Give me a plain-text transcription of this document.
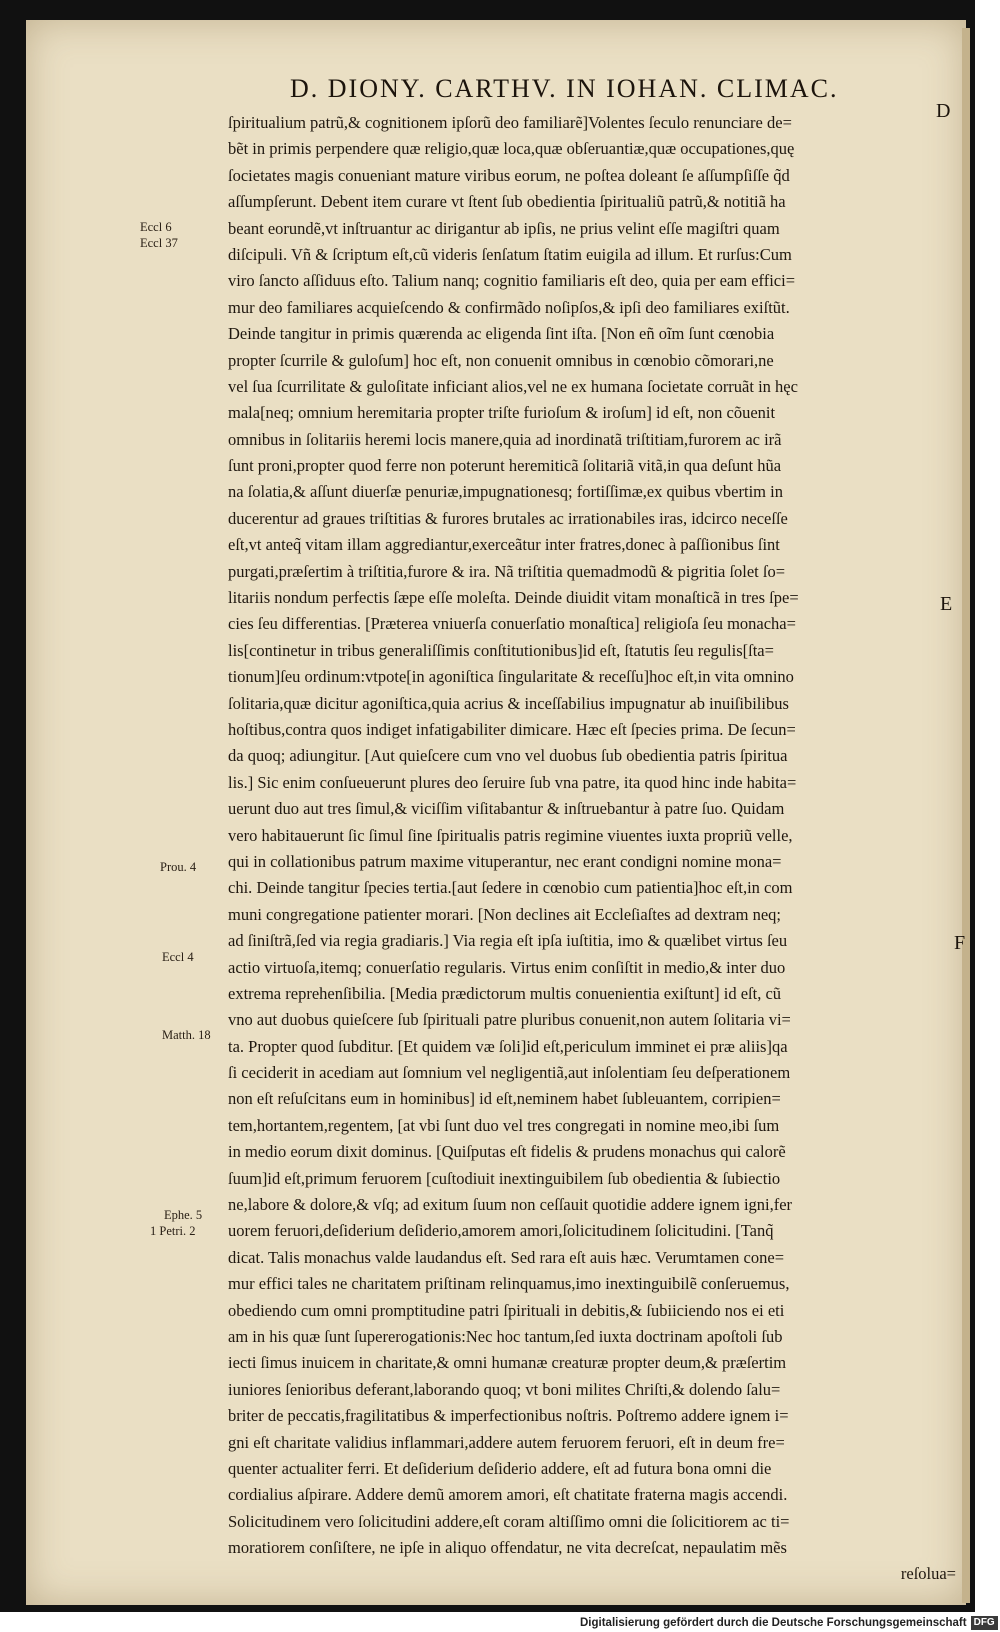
D. DIONY. CARTHV. IN IOHAN. CLIMAC.
ſpiritualium patrũ,& cognitionem ipſorũ deo familiarẽ]Volentes ſeculo renunciare de=
bẽt in primis perpendere quæ religio,quæ loca,quæ obſeruantiæ,quæ occupationes,quę
ſocietates magis conueniant mature viribus eorum, ne poſtea doleant ſe aſſumpſiſſe q̃d
aſſumpſerunt. Debent item curare vt ſtent ſub obedientia ſpiritualiũ patrũ,& notitiã ha
beant eorundẽ,vt inſtruantur ac dirigantur ab ipſis, ne prius velint eſſe magiſtri quam
diſcipuli. Vñ & ſcriptum eſt,cũ videris ſenſatum ſtatim euigila ad illum. Et rurſus:Cum
viro ſancto aſſiduus eſto. Talium nanq; cognitio familiaris eſt deo, quia per eam effici=
mur deo familiares acquieſcendo & confirmãdo noſipſos,& ipſi deo familiares exiſtũt.
Deinde tangitur in primis quærenda ac eligenda ſint iſta. [Non eñ oĩm ſunt cœnobia
propter ſcurrile & guloſum] hoc eſt, non conuenit omnibus in cœnobio cõmorari,ne
vel ſua ſcurrilitate & guloſitate inficiant alios,vel ne ex humana ſocietate corruãt in hęc
mala[neq; omnium heremitaria propter triſte furioſum & iroſum] id eſt, non cõuenit
omnibus in ſolitariis heremi locis manere,quia ad inordinatã triſtitiam,furorem ac irã
ſunt proni,propter quod ferre non poterunt heremiticã ſolitariã vitã,in qua deſunt hũa
na ſolatia,& aſſunt diuerſæ penuriæ,impugnationesq; fortiſſimæ,ex quibus vbertim in
ducerentur ad graues triſtitias & furores brutales ac irrationabiles iras, idcirco neceſſe
eſt,vt anteq̃ vitam illam aggrediantur,exerceãtur inter fratres,donec à paſſionibus ſint
purgati,præſertim à triſtitia,furore & ira. Nã triſtitia quemadmodũ & pigritia ſolet ſo=
litariis nondum perfectis ſæpe eſſe moleſta. Deinde diuidit vitam monaſticã in tres ſpe=
cies ſeu differentias. [Præterea vniuerſa conuerſatio monaſtica] religioſa ſeu monacha=
lis[continetur in tribus generaliſſimis conſtitutionibus]id eſt, ſtatutis ſeu regulis[ſta=
tionum]ſeu ordinum:vtpote[in agoniſtica ſingularitate & receſſu]hoc eſt,in vita omnino
ſolitaria,quæ dicitur agoniſtica,quia acrius & inceſſabilius impugnatur ab inuiſibilibus
hoſtibus,contra quos indiget infatigabiliter dimicare. Hæc eſt ſpecies prima. De ſecun=
da quoq; adiungitur. [Aut quieſcere cum vno vel duobus ſub obedientia patris ſpiritua
lis.] Sic enim conſueuerunt plures deo ſeruire ſub vna patre, ita quod hinc inde habita=
uerunt duo aut tres ſimul,& viciſſim viſitabantur & inſtruebantur à patre ſuo. Quidam
vero habitauerunt ſic ſimul ſine ſpiritualis patris regimine viuentes iuxta propriũ velle,
qui in collationibus patrum maxime vituperantur, nec erant condigni nomine mona=
chi. Deinde tangitur ſpecies tertia.[aut ſedere in cœnobio cum patientia]hoc eſt,in com
muni congregatione patienter morari. [Non declines ait Eccleſiaſtes ad dextram neq;
ad ſiniſtrã,ſed via regia gradiaris.] Via regia eſt ipſa iuſtitia, imo & quælibet virtus ſeu
actio virtuoſa,itemq; conuerſatio regularis. Virtus enim conſiſtit in medio,& inter duo
extrema reprehenſibilia. [Media prædictorum multis conuenientia exiſtunt] id eſt, cũ
vno aut duobus quieſcere ſub ſpirituali patre pluribus conuenit,non autem ſolitaria vi=
ta. Propter quod ſubditur. [Et quidem væ ſoli]id eſt,periculum imminet ei præ aliis]qa
ſi ceciderit in acediam aut ſomnium vel negligentiã,aut inſolentiam ſeu deſperationem
non eſt reſuſcitans eum in hominibus] id eſt,neminem habet ſubleuantem, corripien=
tem,hortantem,regentem, [at vbi ſunt duo vel tres congregati in nomine meo,ibi ſum
in medio eorum dixit dominus. [Quiſputas eſt fidelis & prudens monachus qui calorẽ
ſuum]id eſt,primum feruorem [cuſtodiuit inextinguibilem ſub obedientia & ſubiectio
ne,labore & dolore,& vſq; ad exitum ſuum non ceſſauit quotidie addere ignem igni,fer
uorem feruori,deſiderium deſiderio,amorem amori,ſolicitudinem ſolicitudini. [Tanq̃
dicat. Talis monachus valde laudandus eſt. Sed rara eſt auis hæc. Verumtamen cone=
mur effici tales ne charitatem priſtinam relinquamus,imo inextinguibilẽ conſeruemus,
obediendo cum omni promptitudine patri ſpirituali in debitis,& ſubiiciendo nos ei eti
am in his quæ ſunt ſupererogationis:Nec hoc tantum,ſed iuxta doctrinam apoſtoli ſub
iecti ſimus inuicem in charitate,& omni humanæ creaturæ propter deum,& præſertim
iuniores ſenioribus deferant,laborando quoq; vt boni milites Chriſti,& dolendo ſalu=
briter de peccatis,fragilitatibus & imperfectionibus noſtris. Poſtremo addere ignem i=
gni eſt charitate validius inflammari,addere autem feruorem feruori, eſt in deum fre=
quenter actualiter ferri. Et deſiderium deſiderio addere, eſt ad futura bona omni die
cordialius aſpirare. Addere demũ amorem amori, eſt chatitate fraterna magis accendi.
Solicitudinem vero ſolicitudini addere,eſt coram altiſſimo omni die ſolicitiorem ac ti=
moratiorem conſiſtere, ne ipſe in aliquo offendatur, ne vita decreſcat, nepaulatim mẽs
reſolua=
Eccl 6
Eccl 37
Prou. 4
Eccl 4
Matth. 18
Ephe. 5
1 Petri. 2
D
E
F
Digitalisierung gefördert durch die Deutsche Forschungsgemeinschaft DFG
